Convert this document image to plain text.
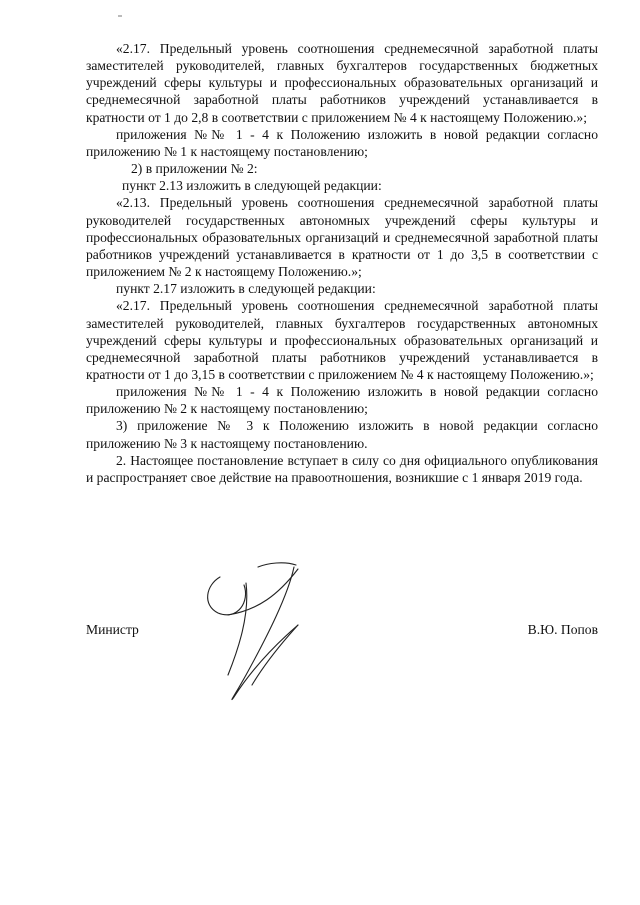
«2.17. Предельный уровень соотношения среднемесячной заработной платы заместителей руководителей, главных бухгалтеров государственных бюджетных учреждений сферы культуры и профессиональных образовательных организаций и среднемесячной заработной платы работников учреждений устанавливается в кратности от 1 до 2,8 в соответствии с приложением № 4 к настоящему Положению.»;

приложения №№ 1 - 4 к Положению изложить в новой редакции согласно приложению № 1 к настоящему постановлению;

2) в приложении № 2:

пункт 2.13 изложить в следующей редакции:

«2.13. Предельный уровень соотношения среднемесячной заработной платы руководителей государственных автономных учреждений сферы культуры и профессиональных образовательных организаций и среднемесячной заработной платы работников учреждений устанавливается в кратности от 1 до 3,5 в соответствии с приложением № 2 к настоящему Положению.»;

пункт 2.17 изложить в следующей редакции:

«2.17. Предельный уровень соотношения среднемесячной заработной платы заместителей руководителей, главных бухгалтеров государственных автономных учреждений сферы культуры и профессиональных образовательных организаций и среднемесячной заработной платы работников учреждений устанавливается в кратности от 1 до 3,15 в соответствии с приложением № 4 к настоящему Положению.»;

приложения №№ 1 - 4 к Положению изложить в новой редакции согласно приложению № 2 к настоящему постановлению;

3) приложение № 3 к Положению изложить в новой редакции согласно приложению № 3 к настоящему постановлению.

2. Настоящее постановление вступает в силу со дня официального опубликования и распространяет свое действие на правоотношения, возникшие с 1 января 2019 года.

Министр	В.Ю. Попов
